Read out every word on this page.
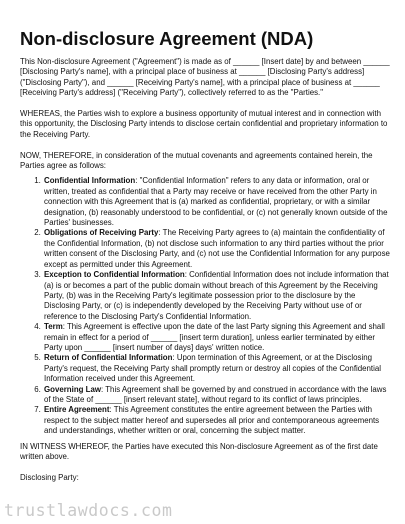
Non-disclosure Agreement (NDA)

This Non-disclosure Agreement ("Agreement") is made as of ______ [Insert date] by and between ______ [Disclosing Party's name], with a principal place of business at ______ [Disclosing Party's address] ("Disclosing Party"), and ______ [Receiving Party's name], with a principal place of business at ______ [Receiving Party's address] ("Receiving Party"), collectively referred to as the "Parties."

WHEREAS, the Parties wish to explore a business opportunity of mutual interest and in connection with this opportunity, the Disclosing Party intends to disclose certain confidential and proprietary information to the Receiving Party.

NOW, THEREFORE, in consideration of the mutual covenants and agreements contained herein, the Parties agree as follows:

1. Confidential Information: "Confidential Information" refers to any data or information, oral or written, treated as confidential that a Party may receive or have received from the other Party in connection with this Agreement that is (a) marked as confidential, proprietary, or with a similar designation, (b) reasonably understood to be confidential, or (c) not generally known outside of the Parties' businesses.
2. Obligations of Receiving Party: The Receiving Party agrees to (a) maintain the confidentiality of the Confidential Information, (b) not disclose such information to any third parties without the prior written consent of the Disclosing Party, and (c) not use the Confidential Information for any purpose except as permitted under this Agreement.
3. Exception to Confidential Information: Confidential Information does not include information that (a) is or becomes a part of the public domain without breach of this Agreement by the Receiving Party, (b) was in the Receiving Party's legitimate possession prior to the disclosure by the Disclosing Party, or (c) is independently developed by the Receiving Party without use of or reference to the Disclosing Party's Confidential Information.
4. Term: This Agreement is effective upon the date of the last Party signing this Agreement and shall remain in effect for a period of ______ [insert term duration], unless earlier terminated by either Party upon ______ [insert number of days] days' written notice.
5. Return of Confidential Information: Upon termination of this Agreement, or at the Disclosing Party's request, the Receiving Party shall promptly return or destroy all copies of the Confidential Information received under this Agreement.
6. Governing Law: This Agreement shall be governed by and construed in accordance with the laws of the State of ______ [insert relevant state], without regard to its conflict of laws principles.
7. Entire Agreement: This Agreement constitutes the entire agreement between the Parties with respect to the subject matter hereof and supersedes all prior and contemporaneous agreements and understandings, whether written or oral, concerning the subject matter.

IN WITNESS WHEREOF, the Parties have executed this Non-disclosure Agreement as of the first date written above.

Disclosing Party:

trustlawdocs.com
